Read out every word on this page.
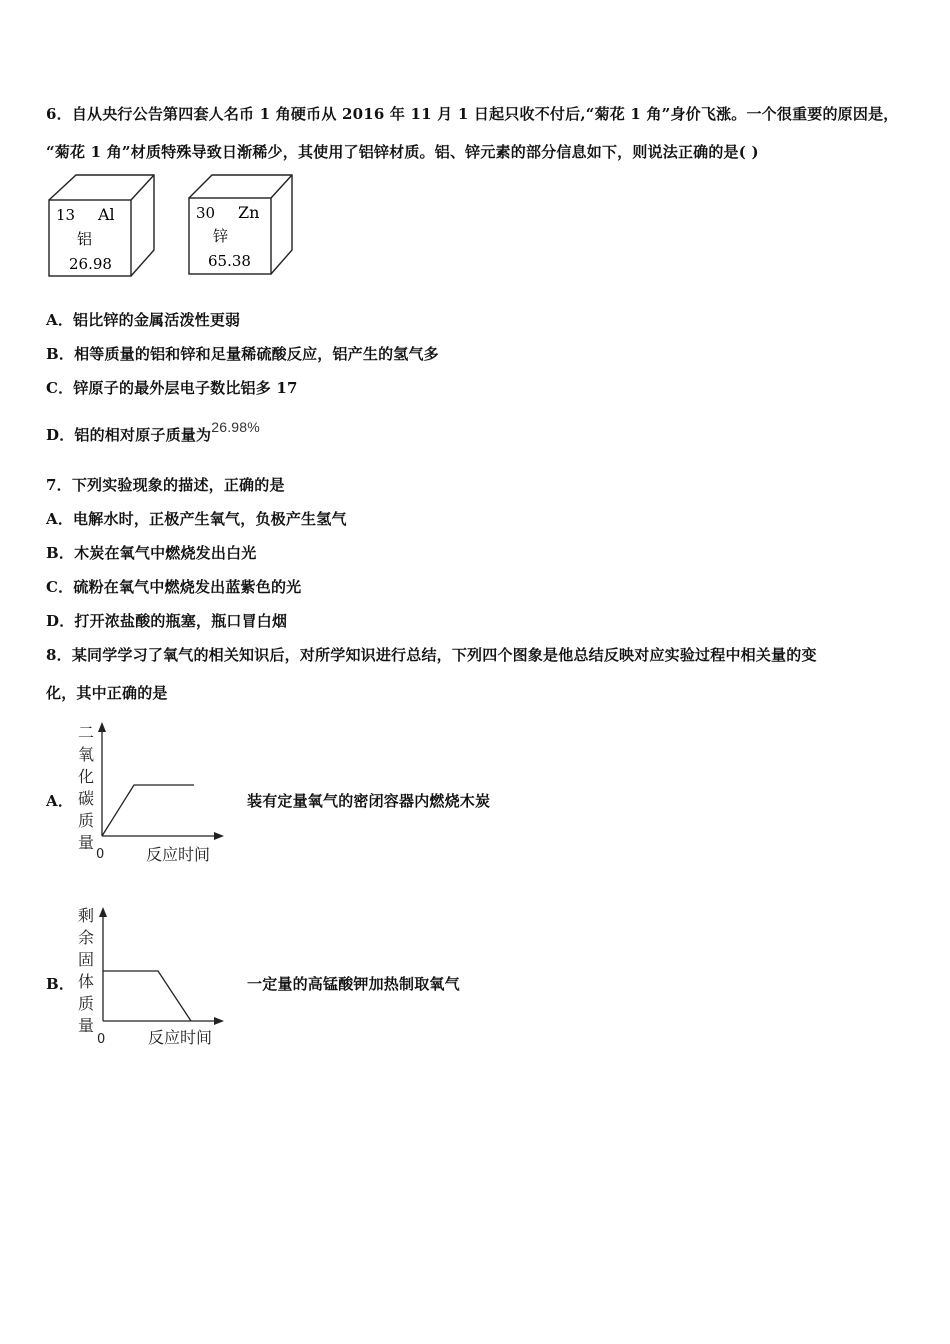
6．自从央行公告第四套人名币 1 角硬币从 2016 年 11 月 1 日起只收不付后,“菊花 1 角”身价飞涨。一个很重要的原因是，
“菊花 1 角”材质特殊导致日渐稀少，其使用了铝锌材质。铝、锌元素的部分信息如下，则说法正确的是( )
13 Al
铝
26.98
30 Zn
锌
65.38
A．铝比锌的金属活泼性更弱
B．相等质量的铝和锌和足量稀硫酸反应，铝产生的氢气多
C．锌原子的最外层电子数比铝多 17
D．铝的相对原子质量为26.98%
7．下列实验现象的描述，正确的是
A．电解水时，正极产生氧气，负极产生氢气
B．木炭在氧气中燃烧发出白光
C．硫粉在氧气中燃烧发出蓝紫色的光
D．打开浓盐酸的瓶塞，瓶口冒白烟
8．某同学学习了氧气的相关知识后，对所学知识进行总结，下列四个图象是他总结反映对应实验过程中相关量的变
化，其中正确的是
A．
二
氧
化
碳
质
量
0	反应时间
装有定量氧气的密闭容器内燃烧木炭
B．
剩
余
固
体
质
量
0	反应时间
一定量的高锰酸钾加热制取氧气
